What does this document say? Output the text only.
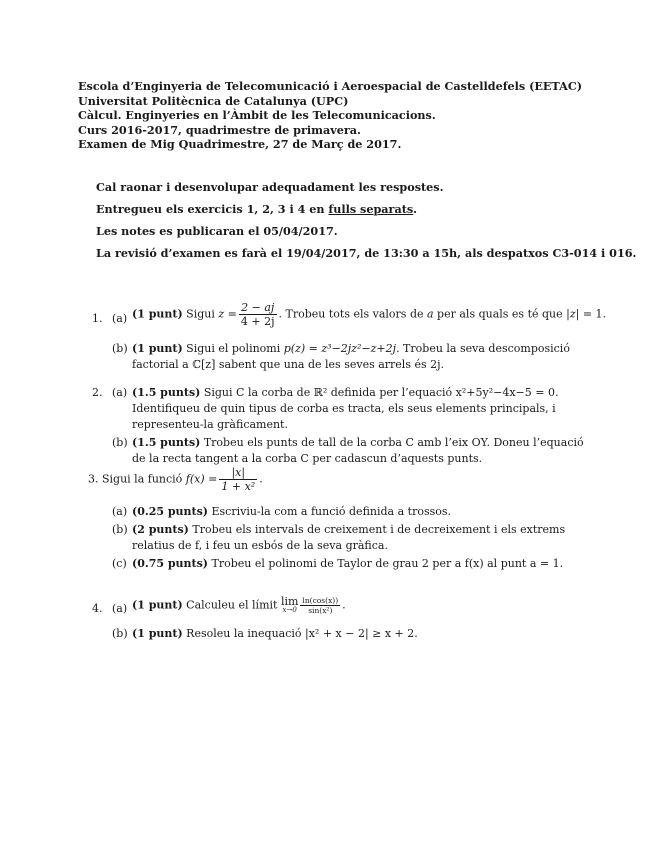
Escola d’Enginyeria de Telecomunicació i Aeroespacial de Castelldefels (EETAC)
Universitat Politècnica de Catalunya (UPC)
Càlcul. Enginyeries en l’Àmbit de les Telecomunicacions.
Curs 2016-2017, quadrimestre de primavera.
Examen de Mig Quadrimestre, 27 de Març de 2017.
Cal raonar i desenvolupar adequadament les respostes.
Entregueu els exercicis 1, 2, 3 i 4 en fulls separats.
Les notes es publicaran el 05/04/2017.
La revisió d’examen es farà el 19/04/2017, de 13:30 a 15h, als despatxos C3-014 i 016.
1. (a) (1 punt) Sigui $z = \frac{2 - aj}{4 + 2j}$ . Trobeu tots els valors de a per als quals es té que |z| = 1.
(b) (1 punt) Sigui el polinomi p(z) = z³−2jz²−z+2j. Trobeu la seva descomposició factorial a ℂ[z] sabent que una de les seves arrels és 2j.
2. (a) (1.5 punts) Sigui C la corba de ℝ² definida per l’equació x²+5y²−4x−5 = 0. Identifiqueu de quin tipus de corba es tracta, els seus elements principals, i representeu-la gràficament.
(b) (1.5 punts) Trobeu els punts de tall de la corba C amb l’eix OY. Doneu l’equació de la recta tangent a la corba C per cadascun d’aquests punts.
3. Sigui la funció $f(x) = \frac{|x|}{\text{1 + x²}}$ .
(a) (0.25 punts) Escriviu-la com a funció definida a trossos.
(b) (2 punts) Trobeu els intervals de creixement i de decreixement i els extrems relatius de f, i feu un esbós de la seva gràfica.
(c) (0.75 punts) Trobeu el polinomi de Taylor de grau 2 per a f(x) al punt a = 1.
4. (a) (1 punt) Calculeu el límit lim
$x\to 0 \frac{\ln(\cos(x))}{\text{sin(x²)}}$ .
(b) (1 punt) Resoleu la inequació |x² + x − 2| ≥ x + 2.
